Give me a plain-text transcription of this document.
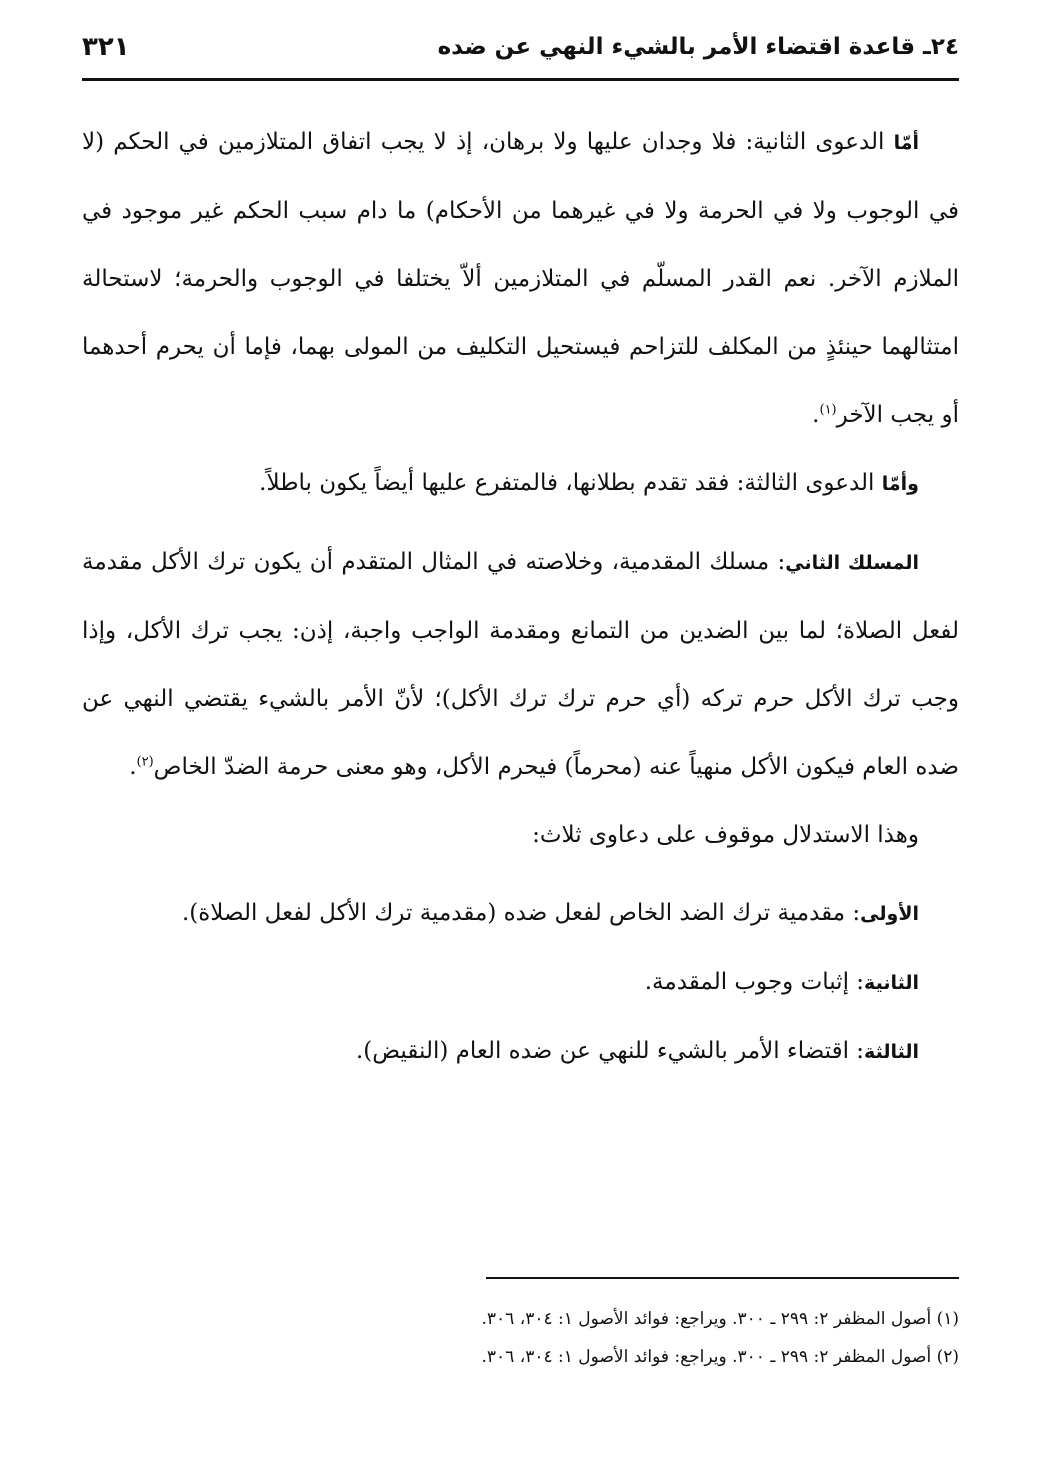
٢٤ـ قاعدة اقتضاء الأمر بالشيء النهي عن ضده
٣٢١

أمّا الدعوى الثانية: فلا وجدان عليها ولا برهان، إذ لا يجب اتفاق المتلازمين في الحكم (لا في الوجوب ولا في الحرمة ولا في غيرهما من الأحكام) ما دام سبب الحكم غير موجود في الملازم الآخر. نعم القدر المسلّم في المتلازمين ألاّ يختلفا في الوجوب والحرمة؛ لاستحالة امتثالهما حينئذٍ من المكلف للتزاحم فيستحيل التكليف من المولى بهما، فإما أن يحرم أحدهما أو يجب الآخر$^{(١)}$.

وأمّا الدعوى الثالثة: فقد تقدم بطلانها، فالمتفرع عليها أيضاً يكون باطلاً.

المسلك الثاني: مسلك المقدمية، وخلاصته في المثال المتقدم أن يكون ترك الأكل مقدمة لفعل الصلاة؛ لما بين الضدين من التمانع ومقدمة الواجب واجبة، إذن: يجب ترك الأكل، وإذا وجب ترك الأكل حرم تركه (أي حرم ترك ترك الأكل)؛ لأنّ الأمر بالشيء يقتضي النهي عن ضده العام فيكون الأكل منهياً عنه (محرماً) فيحرم الأكل، وهو معنى حرمة الضدّ الخاص$^{(٢)}$.

وهذا الاستدلال موقوف على دعاوى ثلاث:

الأولى: مقدمية ترك الضد الخاص لفعل ضده (مقدمية ترك الأكل لفعل الصلاة).

الثانية: إثبات وجوب المقدمة.

الثالثة: اقتضاء الأمر بالشيء للنهي عن ضده العام (النقيض).

(١) أصول المظفر ٢: ٢٩٩ ـ ٣٠٠. ويراجع: فوائد الأصول ١: ٣٠٤، ٣٠٦.

(٢) أصول المظفر ٢: ٢٩٩ ـ ٣٠٠. ويراجع: فوائد الأصول ١: ٣٠٤، ٣٠٦.
